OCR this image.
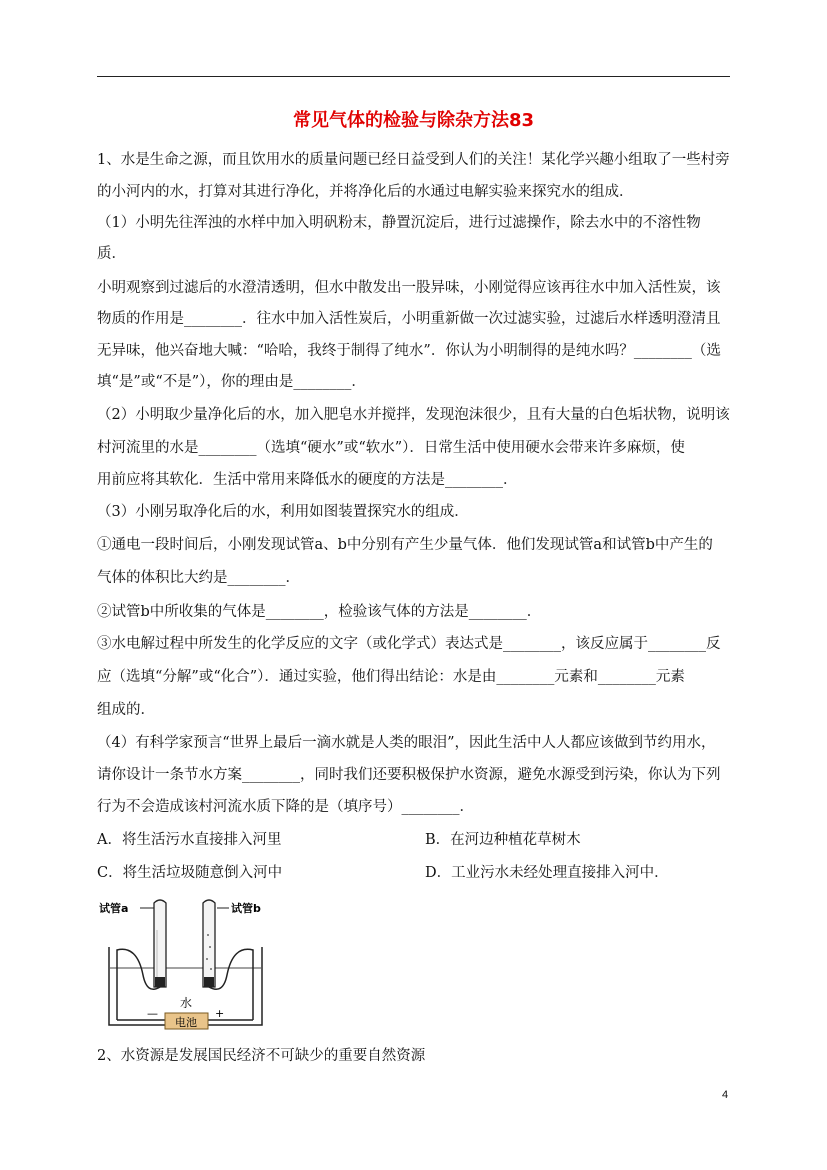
常见气体的检验与除杂方法83
1、水是生命之源，而且饮用水的质量问题已经日益受到人们的关注！某化学兴趣小组取了一些村旁
的小河内的水，打算对其进行净化，并将净化后的水通过电解实验来探究水的组成．
（1）小明先往浑浊的水样中加入明矾粉末，静置沉淀后，进行过滤操作，除去水中的不溶性物
质．
小明观察到过滤后的水澄清透明，但水中散发出一股异味，小刚觉得应该再往水中加入活性炭，该
物质的作用是________．往水中加入活性炭后，小明重新做一次过滤实验，过滤后水样透明澄清且
无异味，他兴奋地大喊：“哈哈，我终于制得了纯水”．你认为小明制得的是纯水吗？________（选
填“是”或“不是”），你的理由是________．
（2）小明取少量净化后的水，加入肥皂水并搅拌，发现泡沫很少，且有大量的白色垢状物，说明该
村河流里的水是________（选填“硬水”或“软水”）．日常生活中使用硬水会带来许多麻烦，使
用前应将其软化．生活中常用来降低水的硬度的方法是________．
（3）小刚另取净化后的水，利用如图装置探究水的组成．
①通电一段时间后，小刚发现试管a、b中分别有产生少量气体．他们发现试管a和试管b中产生的
气体的体积比大约是________．
②试管b中所收集的气体是________，检验该气体的方法是________．
③水电解过程中所发生的化学反应的文字（或化学式）表达式是________，该反应属于________反
应（选填“分解”或“化合”）．通过实验，他们得出结论：水是由________元素和________元素
组成的．
（4）有科学家预言“世界上最后一滴水就是人类的眼泪”，因此生活中人人都应该做到节约用水，
请你设计一条节水方案________，同时我们还要积极保护水资源，避免水源受到污染，你认为下列
行为不会造成该村河流水质下降的是（填序号）________．
A．将生活污水直接排入河里	B．在河边种植花草树木
C．将生活垃圾随意倒入河中	D．工业污水未经处理直接排入河中．
试管a	试管b
水
电池
—	+
2、水资源是发展国民经济不可缺少的重要自然资源
4
